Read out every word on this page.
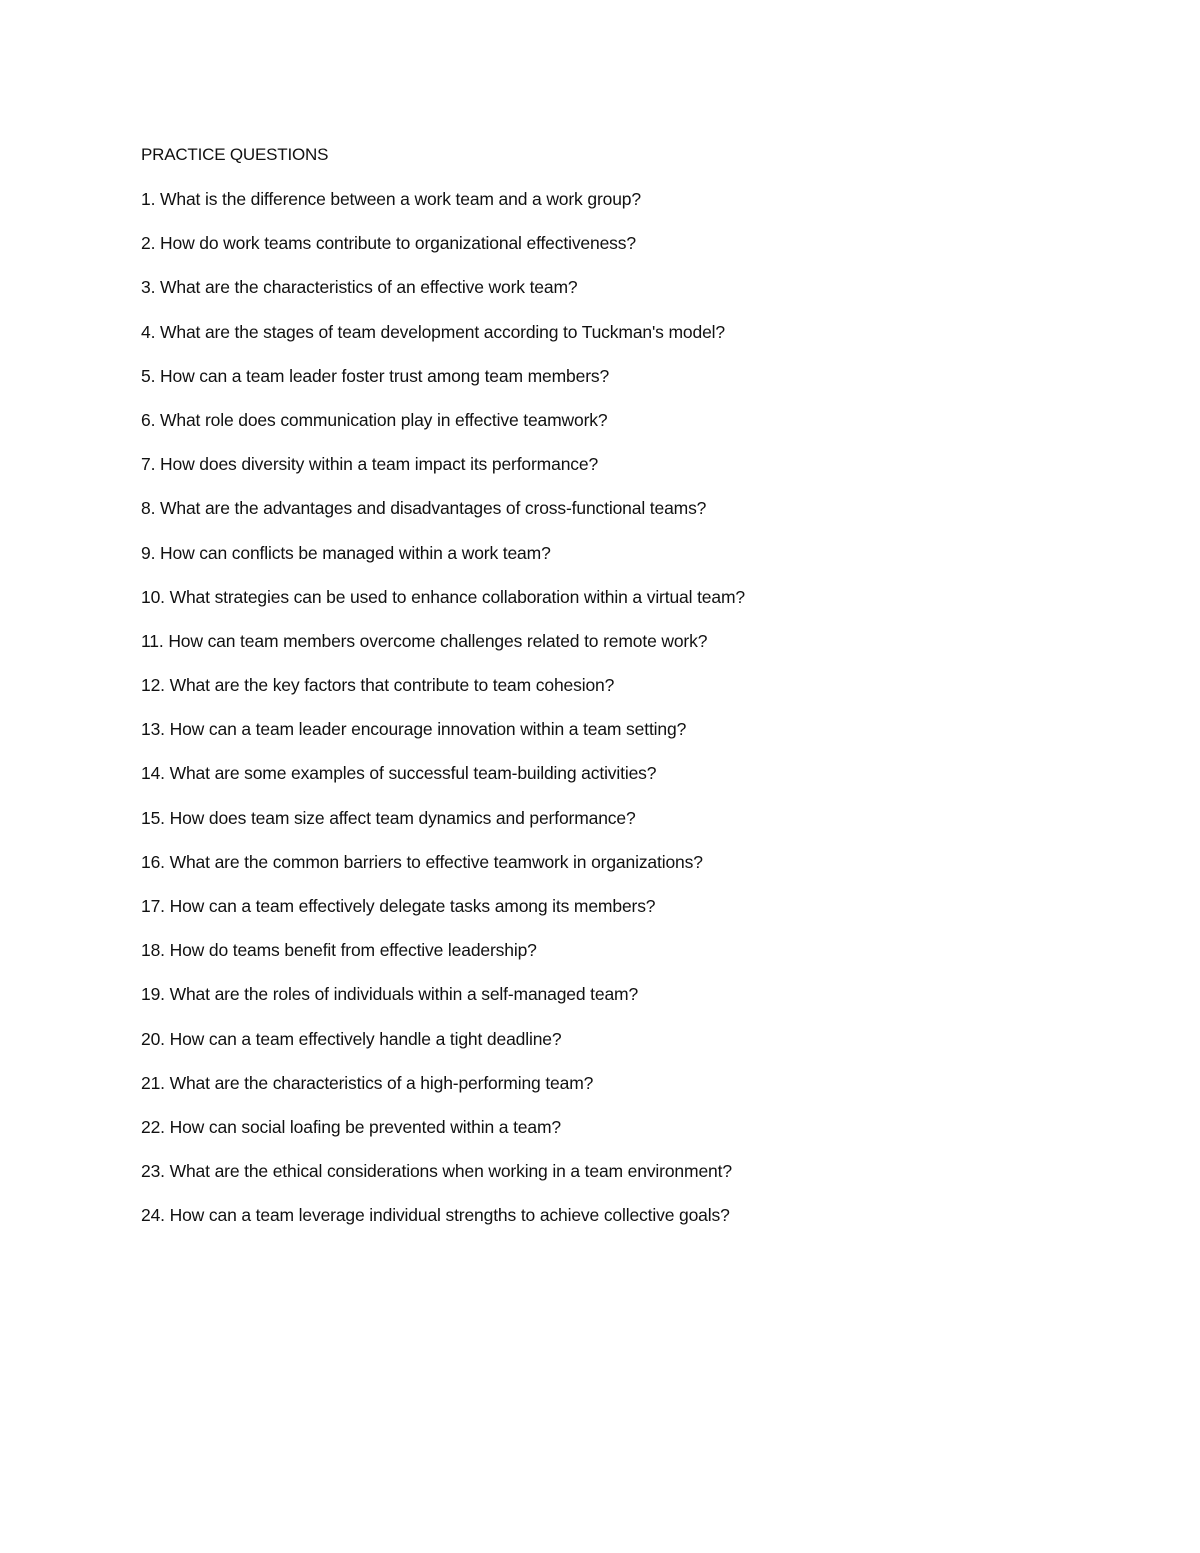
PRACTICE QUESTIONS
1. What is the difference between a work team and a work group?
2. How do work teams contribute to organizational effectiveness?
3. What are the characteristics of an effective work team?
4. What are the stages of team development according to Tuckman's model?
5. How can a team leader foster trust among team members?
6. What role does communication play in effective teamwork?
7. How does diversity within a team impact its performance?
8. What are the advantages and disadvantages of cross-functional teams?
9. How can conflicts be managed within a work team?
10. What strategies can be used to enhance collaboration within a virtual team?
11. How can team members overcome challenges related to remote work?
12. What are the key factors that contribute to team cohesion?
13. How can a team leader encourage innovation within a team setting?
14. What are some examples of successful team-building activities?
15. How does team size affect team dynamics and performance?
16. What are the common barriers to effective teamwork in organizations?
17. How can a team effectively delegate tasks among its members?
18. How do teams benefit from effective leadership?
19. What are the roles of individuals within a self-managed team?
20. How can a team effectively handle a tight deadline?
21. What are the characteristics of a high-performing team?
22. How can social loafing be prevented within a team?
23. What are the ethical considerations when working in a team environment?
24. How can a team leverage individual strengths to achieve collective goals?
